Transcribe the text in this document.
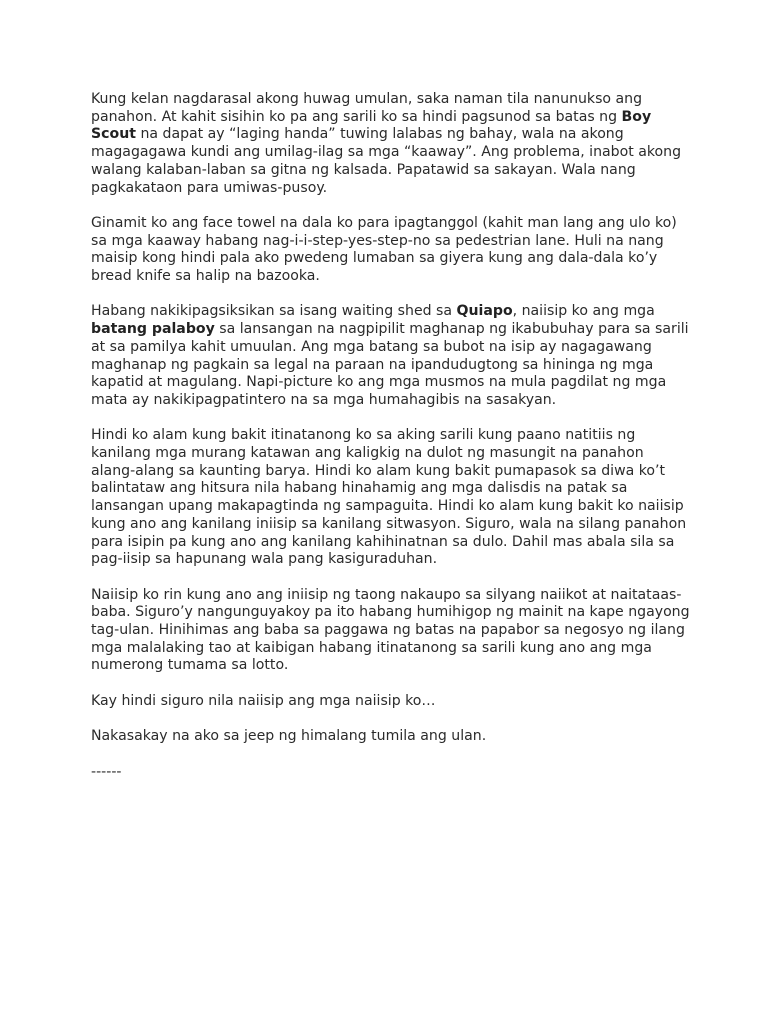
Kung kelan nagdarasal akong huwag umulan, saka naman tila nanunukso ang panahon. At kahit sisihin ko pa ang sarili ko sa hindi pagsunod sa batas ng Boy Scout na dapat ay “laging handa” tuwing lalabas ng bahay, wala na akong magagagawa kundi ang umilag-ilag sa mga “kaaway”. Ang problema, inabot akong walang kalaban-laban sa gitna ng kalsada. Papatawid sa sakayan. Wala nang pagkakataon para umiwas-pusoy.

Ginamit ko ang face towel na dala ko para ipagtanggol (kahit man lang ang ulo ko) sa mga kaaway habang nag-i-i-step-yes-step-no sa pedestrian lane. Huli na nang maisip kong hindi pala ako pwedeng lumaban sa giyera kung ang dala-dala ko’y bread knife sa halip na bazooka.

Habang nakikipagsiksikan sa isang waiting shed sa Quiapo, naiisip ko ang mga batang palaboy sa lansangan na nagpipilit maghanap ng ikabubuhay para sa sarili at sa pamilya kahit umuulan. Ang mga batang sa bubot na isip ay nagagawang maghanap ng pagkain sa legal na paraan na ipandudugtong sa hininga ng mga kapatid at magulang. Napi-picture ko ang mga musmos na mula pagdilat ng mga mata ay nakikipagpatintero na sa mga humahagibis na sasakyan.

Hindi ko alam kung bakit itinatanong ko sa aking sarili kung paano natitiis ng kanilang mga murang katawan ang kaligkig na dulot ng masungit na panahon alang-alang sa kaunting barya. Hindi ko alam kung bakit pumapasok sa diwa ko’t balintataw ang hitsura nila habang hinahamig ang mga dalisdis na patak sa lansangan upang makapagtinda ng sampaguita. Hindi ko alam kung bakit ko naiisip kung ano ang kanilang iniisip sa kanilang sitwasyon. Siguro, wala na silang panahon para isipin pa kung ano ang kanilang kahihinatnan sa dulo. Dahil mas abala sila sa pag-iisip sa hapunang wala pang kasiguraduhan.

Naiisip ko rin kung ano ang iniisip ng taong nakaupo sa silyang naiikot at naitataas-baba. Siguro’y nangunguyakoy pa ito habang humihigop ng mainit na kape ngayong tag-ulan. Hinihimas ang baba sa paggawa ng batas na papabor sa negosyo ng ilang mga malalaking tao at kaibigan habang itinatanong sa sarili kung ano ang mga numerong tumama sa lotto.

Kay hindi siguro nila naiisip ang mga naiisip ko…

Nakasakay na ako sa jeep ng himalang tumila ang ulan.

------
